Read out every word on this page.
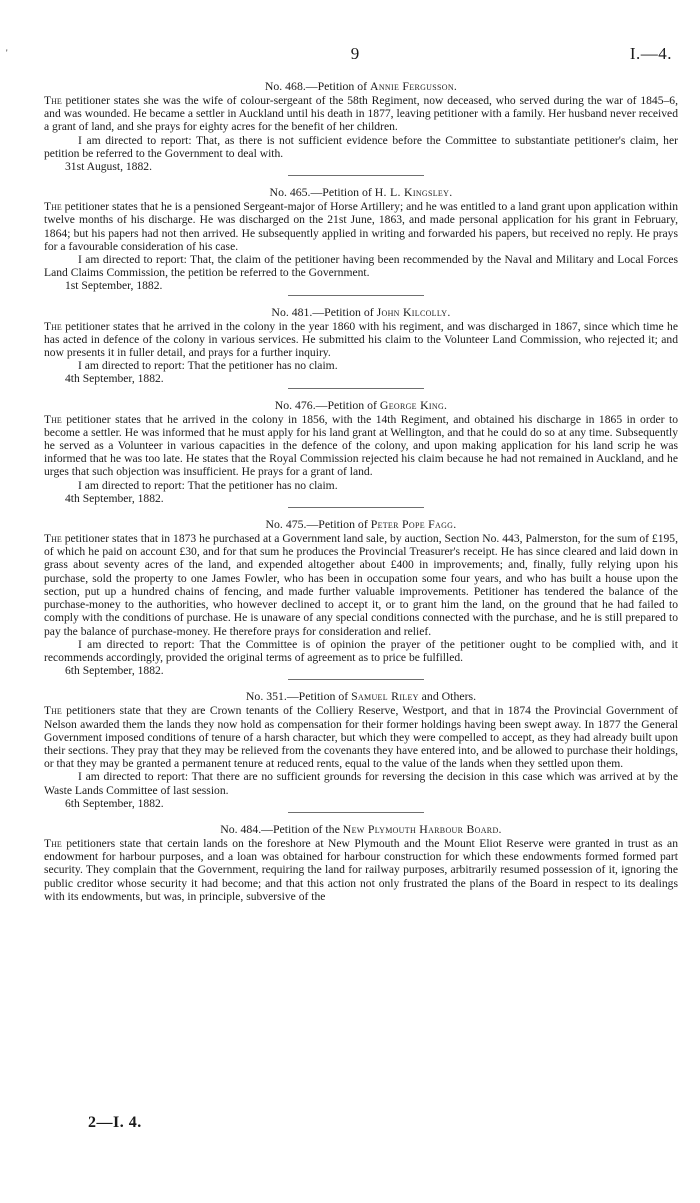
'	9	I.—4.
No. 468.—Petition of Annie Fergusson.

The petitioner states she was the wife of colour-sergeant of the 58th Regiment, now deceased, who served during the war of 1845–6, and was wounded. He became a settler in Auckland until his death in 1877, leaving petitioner with a family. Her husband never received a grant of land, and she prays for eighty acres for the benefit of her children.

I am directed to report: That, as there is not sufficient evidence before the Committee to substantiate petitioner's claim, her petition be referred to the Government to deal with.

31st August, 1882.
No. 465.—Petition of H. L. Kingsley.

The petitioner states that he is a pensioned Sergeant-major of Horse Artillery; and he was entitled to a land grant upon application within twelve months of his discharge. He was discharged on the 21st June, 1863, and made personal application for his grant in February, 1864; but his papers had not then arrived. He subsequently applied in writing and forwarded his papers, but received no reply. He prays for a favourable consideration of his case.

I am directed to report: That, the claim of the petitioner having been recommended by the Naval and Military and Local Forces Land Claims Commission, the petition be referred to the Government.

1st September, 1882.
No. 481.—Petition of John Kilcolly.

The petitioner states that he arrived in the colony in the year 1860 with his regiment, and was discharged in 1867, since which time he has acted in defence of the colony in various services. He submitted his claim to the Volunteer Land Commission, who rejected it; and now presents it in fuller detail, and prays for a further inquiry.

I am directed to report: That the petitioner has no claim.

4th September, 1882.
No. 476.—Petition of George King.

The petitioner states that he arrived in the colony in 1856, with the 14th Regiment, and obtained his discharge in 1865 in order to become a settler. He was informed that he must apply for his land grant at Wellington, and that he could do so at any time. Subsequently he served as a Volunteer in various capacities in the defence of the colony, and upon making application for his land scrip he was informed that he was too late. He states that the Royal Commission rejected his claim because he had not remained in Auckland, and he urges that such objection was insufficient. He prays for a grant of land.

I am directed to report: That the petitioner has no claim.

4th September, 1882.
No. 475.—Petition of Peter Pope Fagg.

The petitioner states that in 1873 he purchased at a Government land sale, by auction, Section No. 443, Palmerston, for the sum of £195, of which he paid on account £30, and for that sum he produces the Provincial Treasurer's receipt. He has since cleared and laid down in grass about seventy acres of the land, and expended altogether about £400 in improvements; and, finally, fully relying upon his purchase, sold the property to one James Fowler, who has been in occupation some four years, and who has built a house upon the section, put up a hundred chains of fencing, and made further valuable improvements. Petitioner has tendered the balance of the purchase-money to the authorities, who however declined to accept it, or to grant him the land, on the ground that he had failed to comply with the conditions of purchase. He is unaware of any special conditions connected with the purchase, and he is still prepared to pay the balance of purchase-money. He therefore prays for consideration and relief.

I am directed to report: That the Committee is of opinion the prayer of the petitioner ought to be complied with, and it recommends accordingly, provided the original terms of agreement as to price be fulfilled.

6th September, 1882.
No. 351.—Petition of Samuel Riley and Others.

The petitioners state that they are Crown tenants of the Colliery Reserve, Westport, and that in 1874 the Provincial Government of Nelson awarded them the lands they now hold as compensation for their former holdings having been swept away. In 1877 the General Government imposed conditions of tenure of a harsh character, but which they were compelled to accept, as they had already built upon their sections. They pray that they may be relieved from the covenants they have entered into, and be allowed to purchase their holdings, or that they may be granted a permanent tenure at reduced rents, equal to the value of the lands when they settled upon them.

I am directed to report: That there are no sufficient grounds for reversing the decision in this case which was arrived at by the Waste Lands Committee of last session.

6th September, 1882.
No. 484.—Petition of the New Plymouth Harbour Board.

The petitioners state that certain lands on the foreshore at New Plymouth and the Mount Eliot Reserve were granted in trust as an endowment for harbour purposes, and a loan was obtained for harbour construction for which these endowments formed formed part security. They complain that the Government, requiring the land for railway purposes, arbitrarily resumed possession of it, ignoring the public creditor whose security it had become; and that this action not only frustrated the plans of the Board in respect to its dealings with its endowments, but was, in principle, subversive of the

2—I. 4.
